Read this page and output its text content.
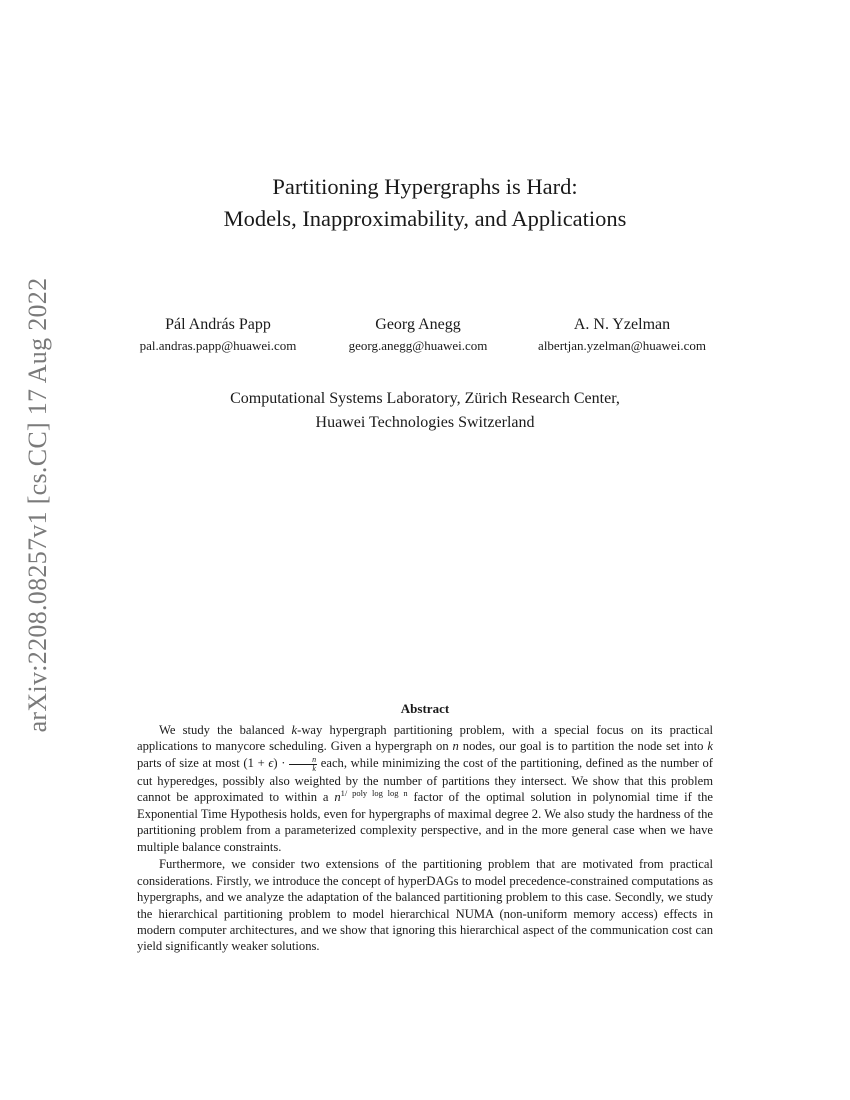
arXiv:2208.08257v1 [cs.CC] 17 Aug 2022
Partitioning Hypergraphs is Hard:
Models, Inapproximability, and Applications
Pál András Papp
pal.andras.papp@huawei.com
Georg Anegg
georg.anegg@huawei.com
A. N. Yzelman
albertjan.yzelman@huawei.com
Computational Systems Laboratory, Zürich Research Center,
Huawei Technologies Switzerland
Abstract

We study the balanced k-way hypergraph partitioning problem, with a special focus on its practical applications to manycore scheduling. Given a hypergraph on n nodes, our goal is to partition the node set into k parts of size at most $(1 + \epsilon) \cdot \frac{n}{k}$ each, while minimizing the cost of the partitioning, defined as the number of cut hyperedges, possibly also weighted by the number of partitions they intersect. We show that this problem cannot be approximated to within a $n^{1/ poly log log n}$ factor of the optimal solution in polynomial time if the Exponential Time Hypothesis holds, even for hypergraphs of maximal degree 2. We also study the hardness of the partitioning problem from a parameterized complexity perspective, and in the more general case when we have multiple balance constraints.

Furthermore, we consider two extensions of the partitioning problem that are motivated from practical considerations. Firstly, we introduce the concept of hyperDAGs to model precedence-constrained computations as hypergraphs, and we analyze the adaptation of the balanced partitioning problem to this case. Secondly, we study the hierarchical partitioning problem to model hierarchical NUMA (non-uniform memory access) effects in modern computer architectures, and we show that ignoring this hierarchical aspect of the communication cost can yield significantly weaker solutions.
